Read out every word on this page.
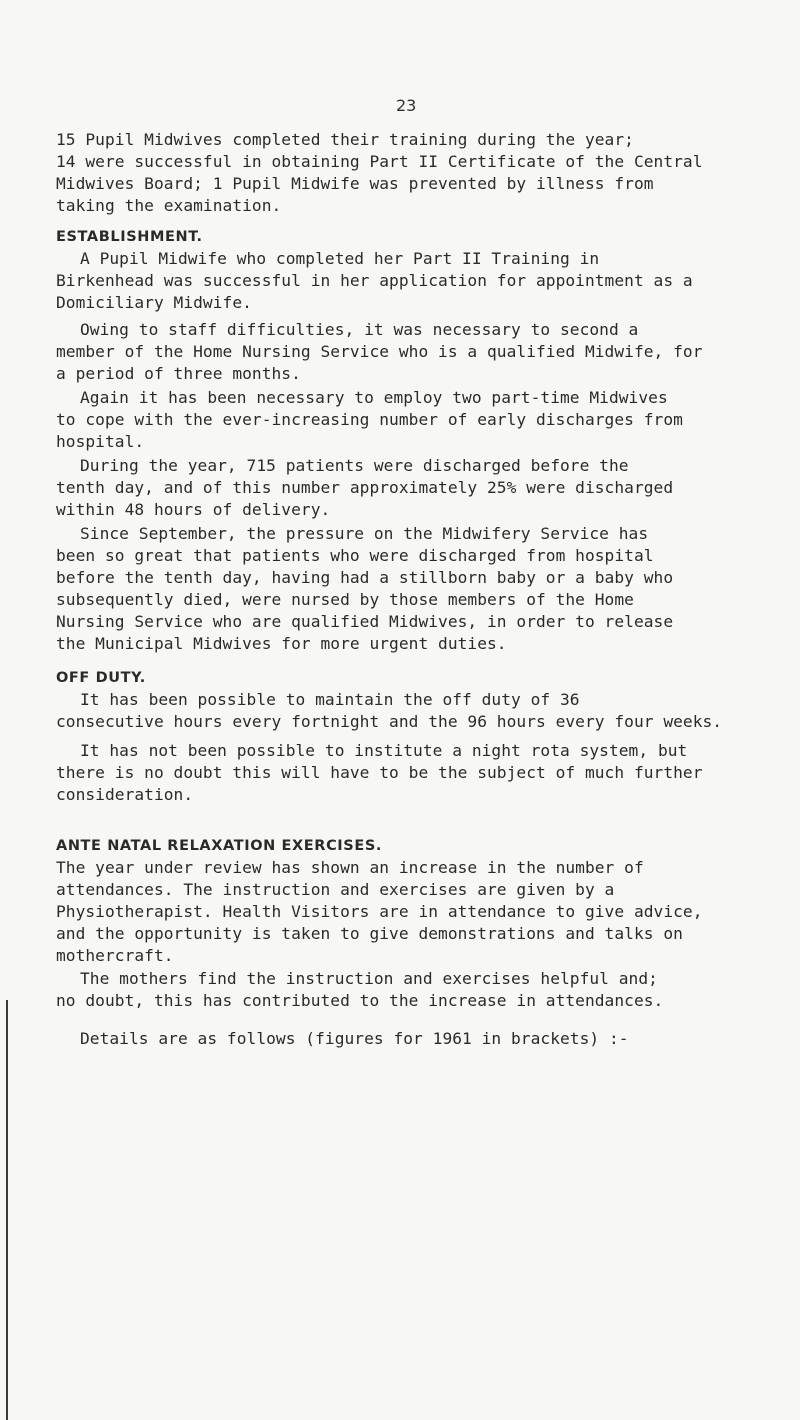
23

15 Pupil Midwives completed their training during the year;
14 were successful in obtaining Part II Certificate of the Central
Midwives Board; 1 Pupil Midwife was prevented by illness from
taking the examination.

ESTABLISHMENT.

A Pupil Midwife who completed her Part II Training in
Birkenhead was successful in her application for appointment as a
Domiciliary Midwife.

Owing to staff difficulties, it was necessary to second a
member of the Home Nursing Service who is a qualified Midwife, for
a period of three months.

Again it has been necessary to employ two part-time Midwives
to cope with the ever-increasing number of early discharges from
hospital.

During the year, 715 patients were discharged before the
tenth day, and of this number approximately 25% were discharged
within 48 hours of delivery.

Since September, the pressure on the Midwifery Service has
been so great that patients who were discharged from hospital
before the tenth day, having had a stillborn baby or a baby who
subsequently died, were nursed by those members of the Home
Nursing Service who are qualified Midwives, in order to release
the Municipal Midwives for more urgent duties.

OFF DUTY.

It has been possible to maintain the off duty of 36
consecutive hours every fortnight and the 96 hours every four weeks.

It has not been possible to institute a night rota system, but
there is no doubt this will have to be the subject of much further
consideration.

ANTE NATAL RELAXATION EXERCISES.

The year under review has shown an increase in the number of
attendances. The instruction and exercises are given by a
Physiotherapist. Health Visitors are in attendance to give advice,
and the opportunity is taken to give demonstrations and talks on
mothercraft.

The mothers find the instruction and exercises helpful and;
no doubt, this has contributed to the increase in attendances.

Details are as follows (figures for 1961 in brackets) :-
